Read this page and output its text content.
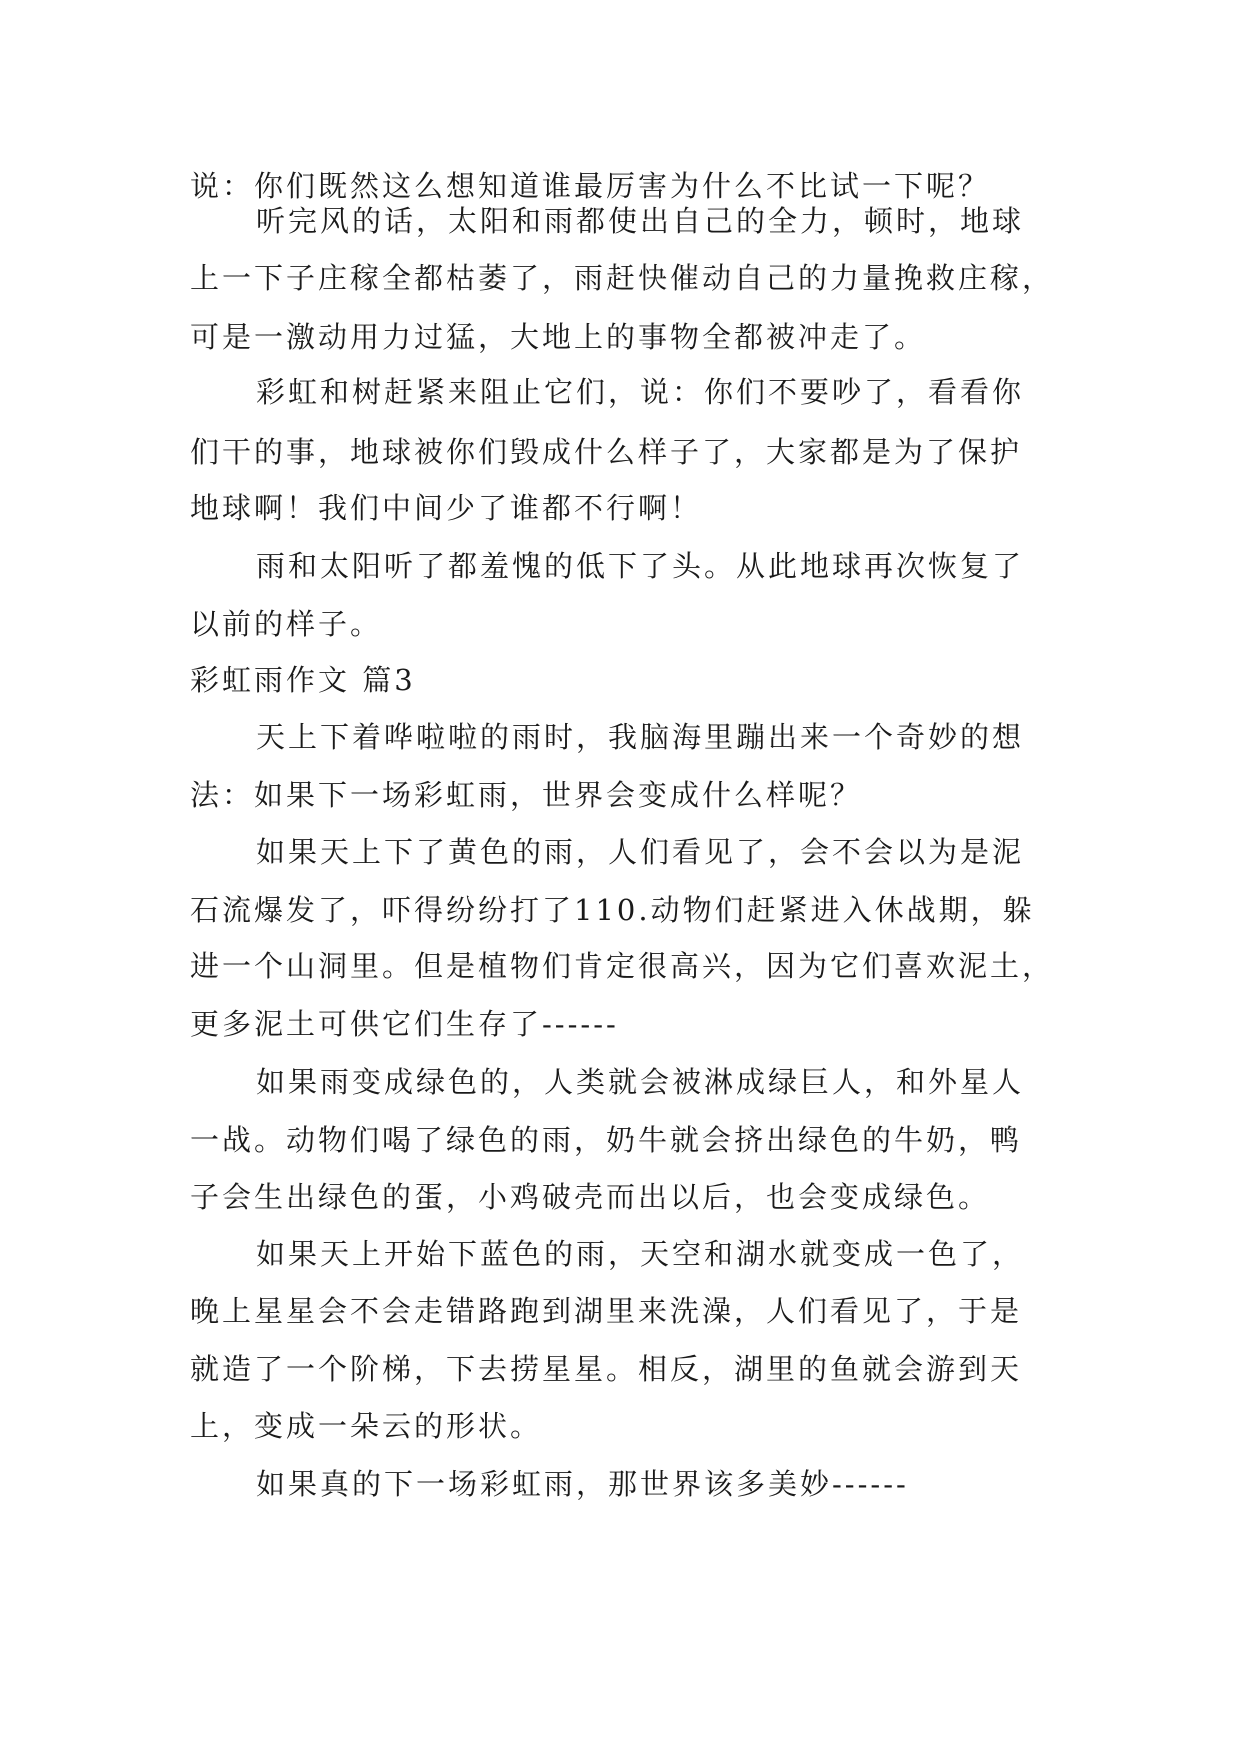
说：你们既然这么想知道谁最厉害为什么不比试一下呢？
听完风的话，太阳和雨都使出自己的全力，顿时，地球
上一下子庄稼全都枯萎了，雨赶快催动自己的力量挽救庄稼，
可是一激动用力过猛，大地上的事物全都被冲走了。
彩虹和树赶紧来阻止它们，说：你们不要吵了，看看你
们干的事，地球被你们毁成什么样子了，大家都是为了保护
地球啊！我们中间少了谁都不行啊！
雨和太阳听了都羞愧的低下了头。从此地球再次恢复了
以前的样子。
彩虹雨作文 篇3
天上下着哗啦啦的雨时，我脑海里蹦出来一个奇妙的想
法：如果下一场彩虹雨，世界会变成什么样呢？
如果天上下了黄色的雨，人们看见了，会不会以为是泥
石流爆发了，吓得纷纷打了110.动物们赶紧进入休战期，躲
进一个山洞里。但是植物们肯定很高兴，因为它们喜欢泥土，
更多泥土可供它们生存了------
如果雨变成绿色的，人类就会被淋成绿巨人，和外星人
一战。动物们喝了绿色的雨，奶牛就会挤出绿色的牛奶，鸭
子会生出绿色的蛋，小鸡破壳而出以后，也会变成绿色。
如果天上开始下蓝色的雨，天空和湖水就变成一色了，
晚上星星会不会走错路跑到湖里来洗澡，人们看见了，于是
就造了一个阶梯，下去捞星星。相反，湖里的鱼就会游到天
上，变成一朵云的形状。
如果真的下一场彩虹雨，那世界该多美妙------
